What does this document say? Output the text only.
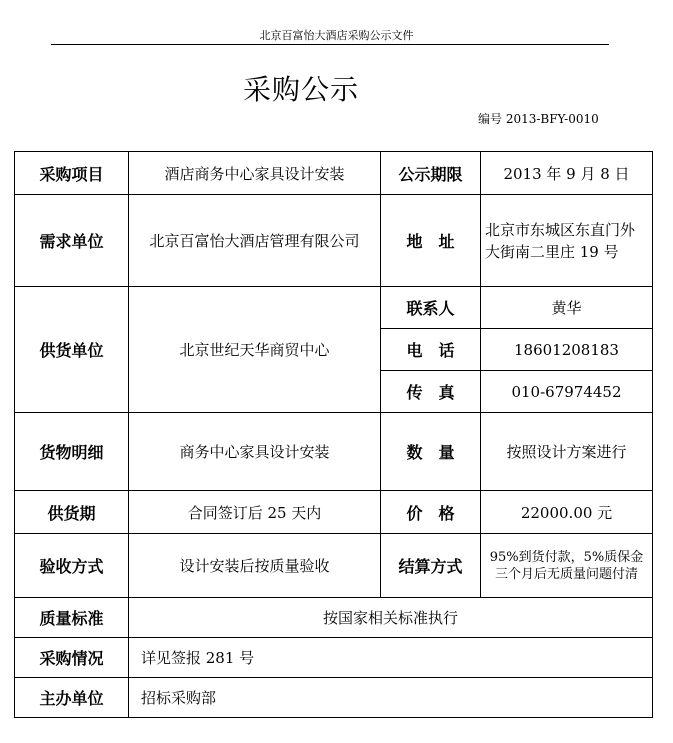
北京百富怡大酒店采购公示文件
采购公示
编号 2013-BFY-0010
采购项目	酒店商务中心家具设计安装	公示期限	2013 年 9 月 8 日
需求单位	北京百富怡大酒店管理有限公司	地　址	北京市东城区东直门外大街南二里庄 19 号
供货单位	北京世纪天华商贸中心	联系人	黄华
		电　话	18601208183
		传　真	010-67974452
货物明细	商务中心家具设计安装	数　量	按照设计方案进行
供货期	合同签订后 25 天内	价　格	22000.00 元
验收方式	设计安装后按质量验收	结算方式	95%到货付款，5%质保金三个月后无质量问题付清
质量标准	按国家相关标准执行		
采购情况	详见签报 281 号		
主办单位	招标采购部		
